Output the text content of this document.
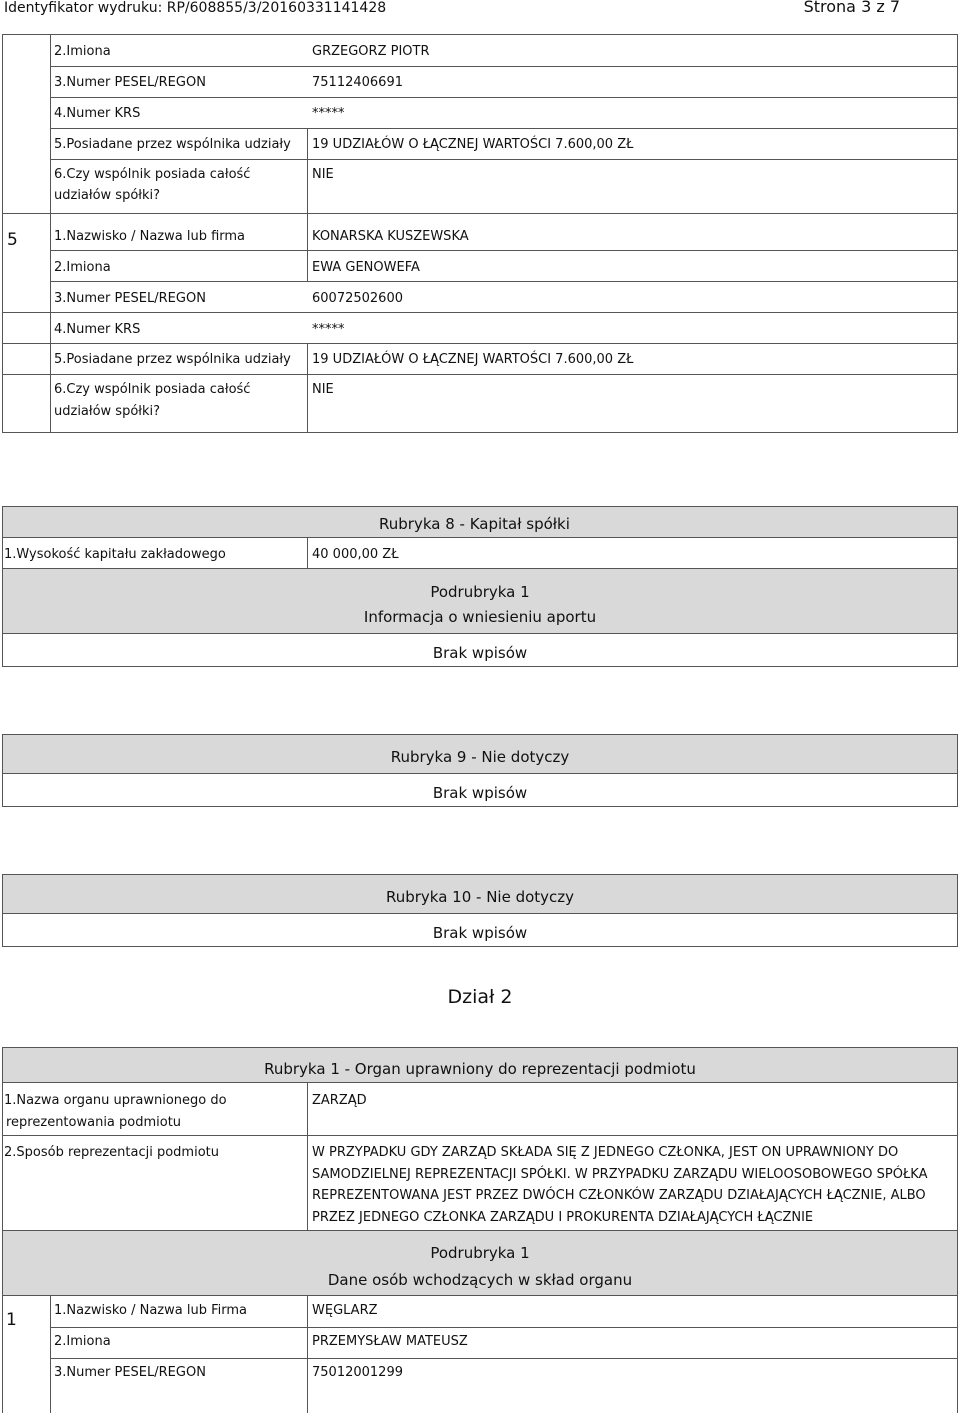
Identyfikator wydruku: RP/608855/3/20160331141428	Strona 3 z 7
2.Imiona	GRZEGORZ PIOTR
3.Numer PESEL/REGON	75112406691
4.Numer KRS	*****
5.Posiadane przez wspólnika udziały 19 UDZIAŁÓW O ŁĄCZNEJ WARTOŚCI 7.600,00 ZŁ
6.Czy wspólnik posiada całość
udziałów spółki?
NIE
5	1.Nazwisko / Nazwa lub firma	KONARSKA KUSZEWSKA
2.Imiona	EWA GENOWEFA
3.Numer PESEL/REGON	60072502600
4.Numer KRS	*****
5.Posiadane przez wspólnika udziały 19 UDZIAŁÓW O ŁĄCZNEJ WARTOŚCI 7.600,00 ZŁ
6.Czy wspólnik posiada całość
udziałów spółki?
NIE
Rubryka 8 - Kapitał spółki
1.Wysokość kapitału zakładowego	40 000,00 ZŁ
Podrubryka 1
Informacja o wniesieniu aportu
Brak wpisów
Rubryka 9 - Nie dotyczy
Brak wpisów
Rubryka 10 - Nie dotyczy
Brak wpisów
Dział 2
Rubryka 1 - Organ uprawniony do reprezentacji podmiotu
1.Nazwa organu uprawnionego do
reprezentowania podmiotu
ZARZĄD
2.Sposób reprezentacji podmiotu	W PRZYPADKU GDY ZARZĄD SKŁADA SIĘ Z JEDNEGO CZŁONKA, JEST ON UPRAWNIONY DO
SAMODZIELNEJ REPREZENTACJI SPÓŁKI. W PRZYPADKU ZARZĄDU WIELOOSOBOWEGO SPÓŁKA
REPREZENTOWANA JEST PRZEZ DWÓCH CZŁONKÓW ZARZĄDU DZIAŁAJĄCYCH ŁĄCZNIE, ALBO
PRZEZ JEDNEGO CZŁONKA ZARZĄDU I PROKURENTA DZIAŁAJĄCYCH ŁĄCZNIE
Podrubryka 1
Dane osób wchodzących w skład organu
1	1.Nazwisko / Nazwa lub Firma	WĘGLARZ
2.Imiona	PRZEMYSŁAW MATEUSZ
3.Numer PESEL/REGON	75012001299
